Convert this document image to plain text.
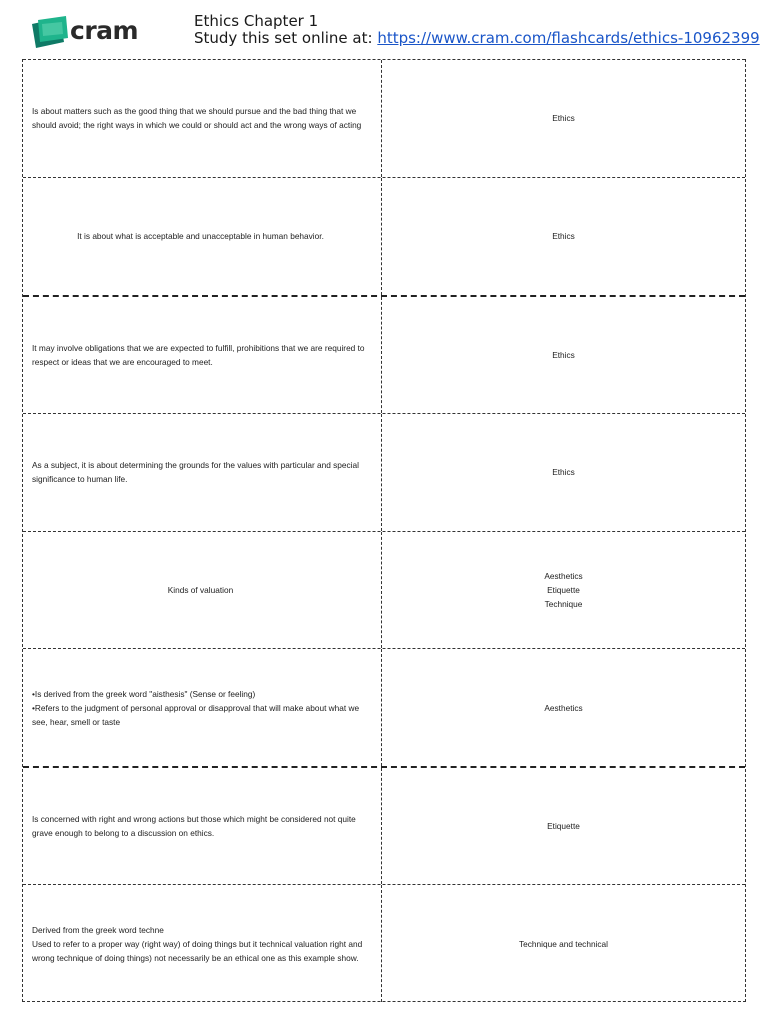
cram	Ethics Chapter 1
Study this set online at: https://www.cram.com/flashcards/ethics-10962399
Is about matters such as the good thing that we should pursue and the bad thing that we should avoid; the right ways in which we could or should act and the wrong ways of acting
Ethics
It is about what is acceptable and unacceptable in human behavior.	Ethics
It may involve obligations that we are expected to fulfill, prohibitions that we are required to respect or ideas that we are encouraged to meet.
Ethics
As a subject, it is about determining the grounds for the values with particular and special significance to human life.
Ethics
Kinds of valuation
Aesthetics
Etiquette
Technique
•Is derived from the greek word "aisthesis" (Sense or feeling)
•Refers to the judgment of personal approval or disapproval that will make about what we see, hear, smell or taste
Aesthetics
Is concerned with right and wrong actions but those which might be considered not quite grave enough to belong to a discussion on ethics.
Etiquette
Derived from the greek word techne
Used to refer to a proper way (right way) of doing things but it technical valuation right and wrong technique of doing things) not necessarily be an ethical one as this example show.
Technique and technical
